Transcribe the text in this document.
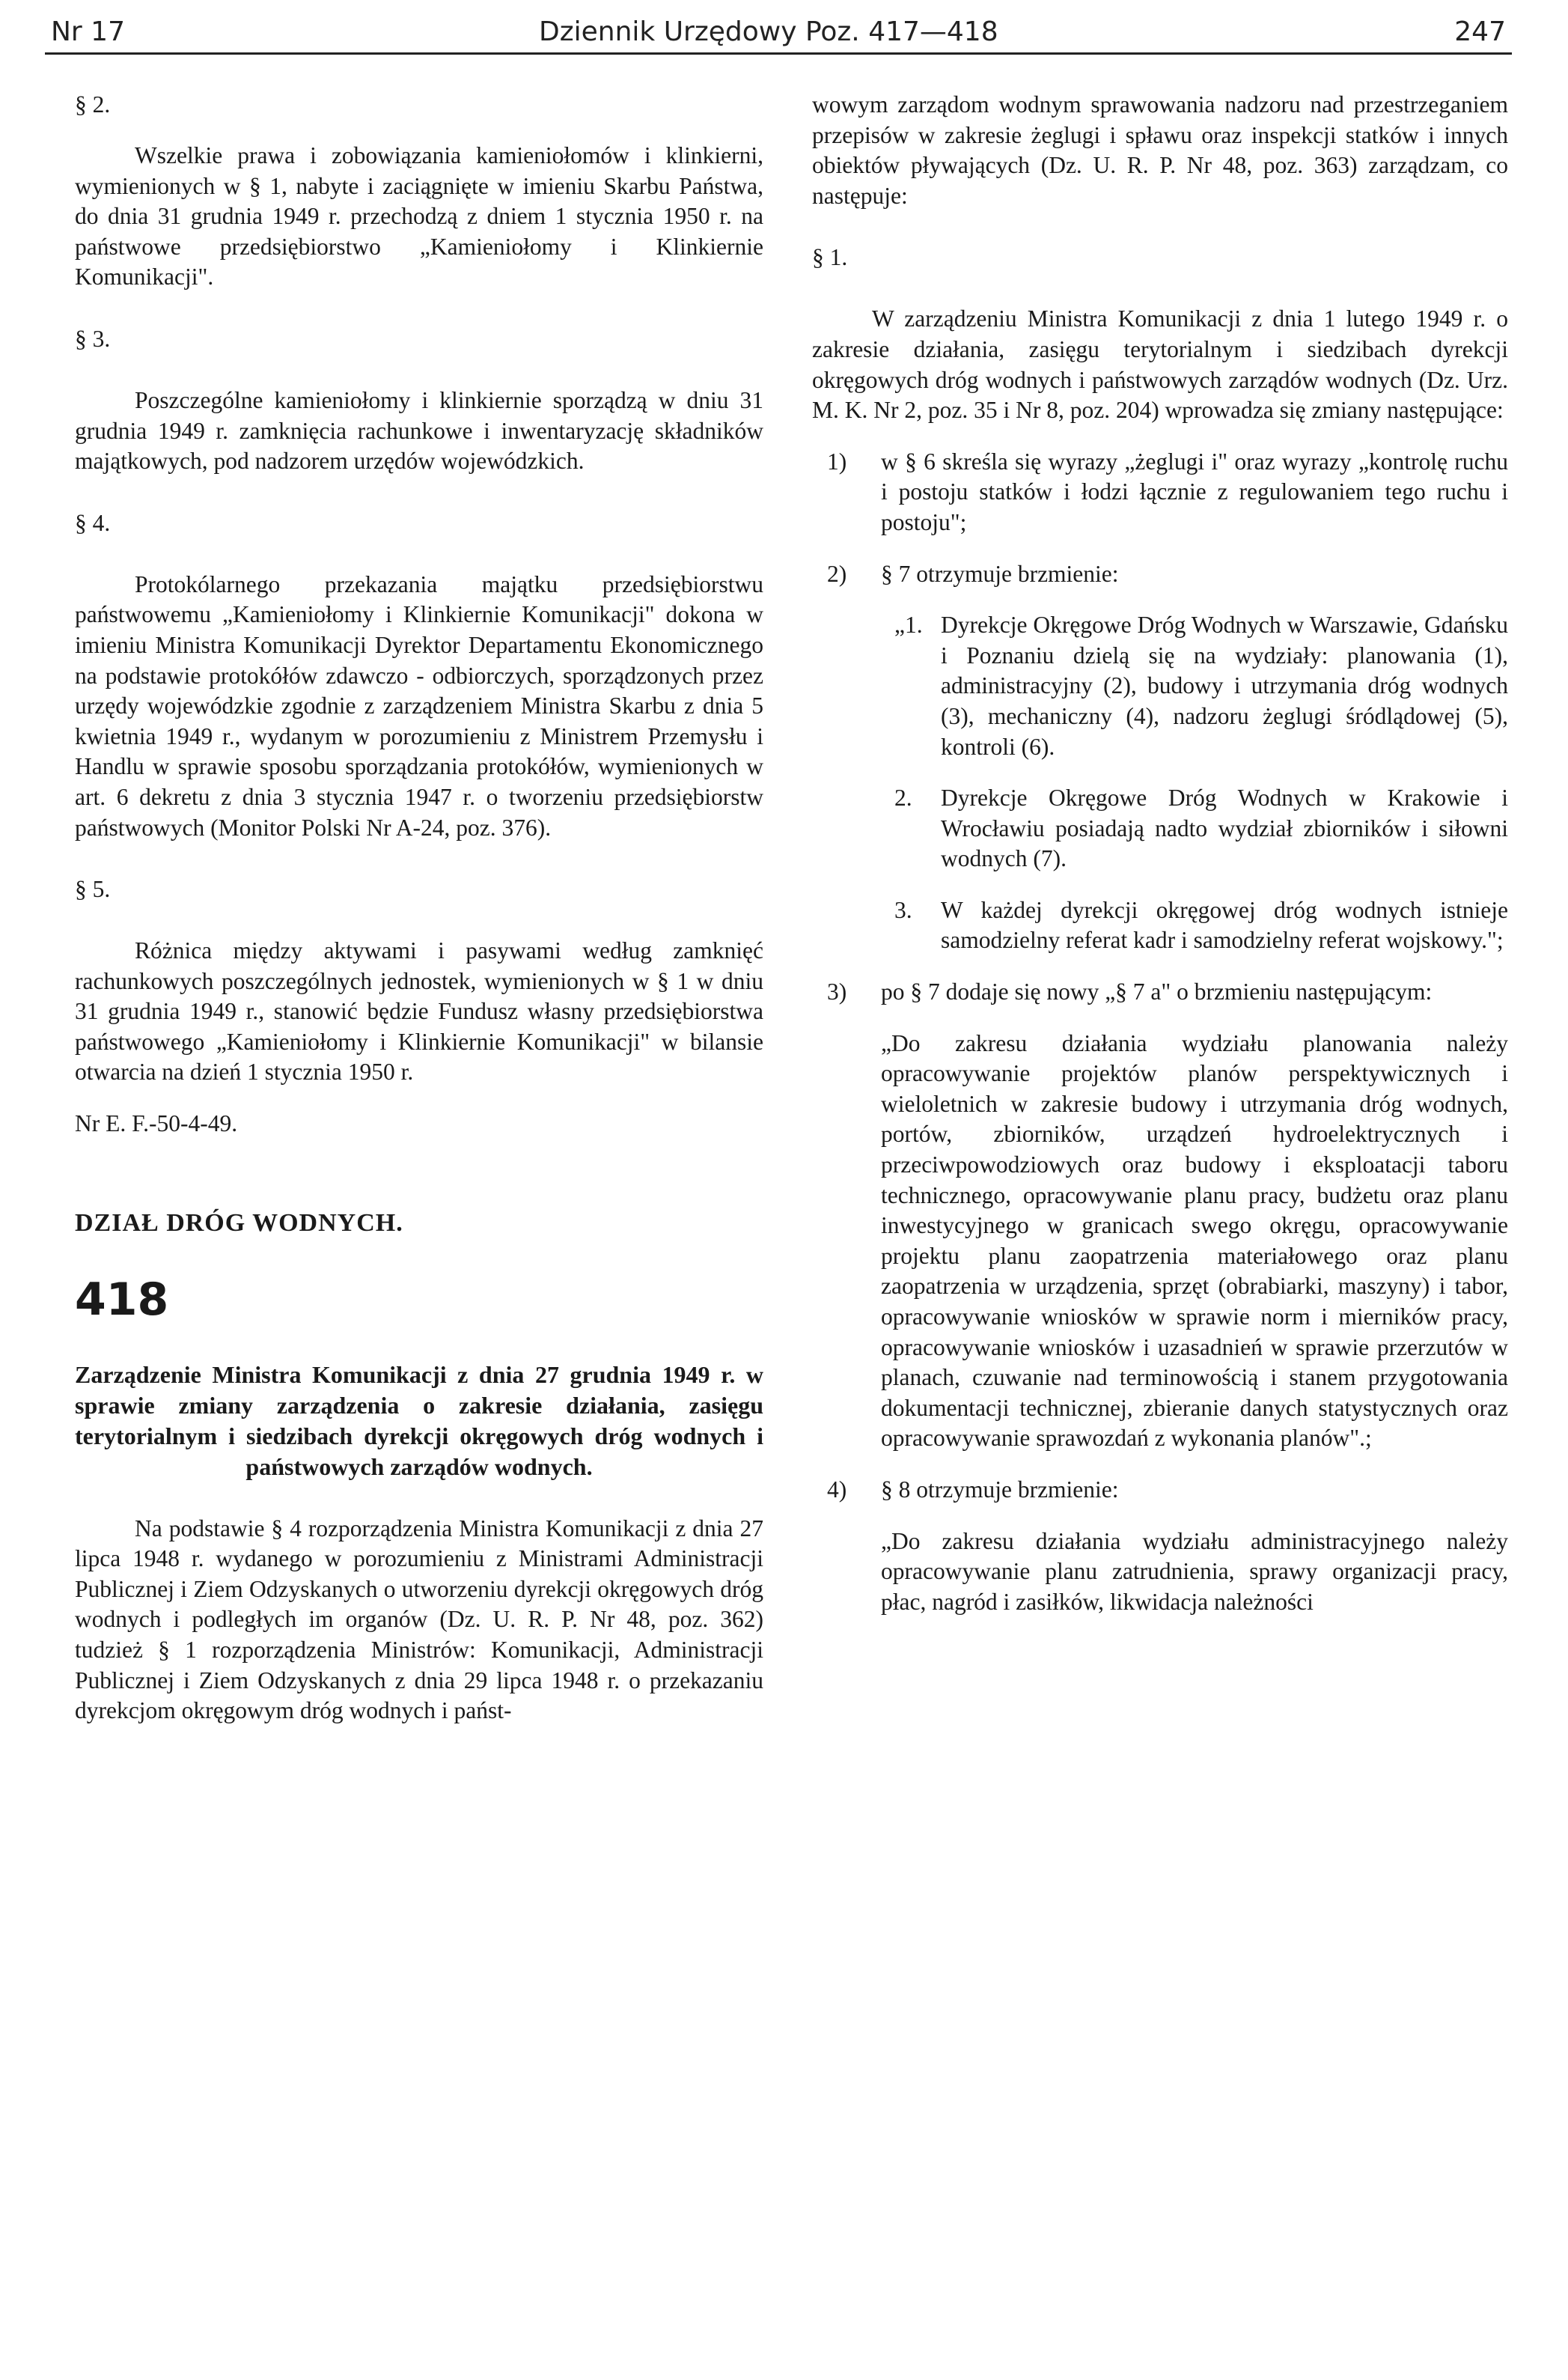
Nr 17	Dziennik Urzędowy Poz. 417—418	247

§ 2.

Wszelkie prawa i zobowiązania kamieniołomów i klinkierni, wymienionych w § 1, nabyte i zaciągnięte w imieniu Skarbu Państwa, do dnia 31 grudnia 1949 r. przechodzą z dniem 1 stycznia 1950 r. na państwowe przedsiębiorstwo „Kamieniołomy i Klinkiernie Komunikacji".

§ 3.

Poszczególne kamieniołomy i klinkiernie sporządzą w dniu 31 grudnia 1949 r. zamknięcia rachunkowe i inwentaryzację składników majątkowych, pod nadzorem urzędów wojewódzkich.

§ 4.

Protokólarnego przekazania majątku przedsiębiorstwu państwowemu „Kamieniołomy i Klinkiernie Komunikacji" dokona w imieniu Ministra Komunikacji Dyrektor Departamentu Ekonomicznego na podstawie protokółów zdawczo - odbiorczych, sporządzonych przez urzędy wojewódzkie zgodnie z zarządzeniem Ministra Skarbu z dnia 5 kwietnia 1949 r., wydanym w porozumieniu z Ministrem Przemysłu i Handlu w sprawie sposobu sporządzania protokółów, wymienionych w art. 6 dekretu z dnia 3 stycznia 1947 r. o tworzeniu przedsiębiorstw państwowych (Monitor Polski Nr A-24, poz. 376).

§ 5.

Różnica między aktywami i pasywami według zamknięć rachunkowych poszczególnych jednostek, wymienionych w § 1 w dniu 31 grudnia 1949 r., stanowić będzie Fundusz własny przedsiębiorstwa państwowego „Kamieniołomy i Klinkiernie Komunikacji" w bilansie otwarcia na dzień 1 stycznia 1950 r.

Nr E. F.-50-4-49.

DZIAŁ DRÓG WODNYCH.

418

Zarządzenie Ministra Komunikacji z dnia 27 grudnia 1949 r. w sprawie zmiany zarządzenia o zakresie działania, zasięgu terytorialnym i siedzibach dyrekcji okręgowych dróg wodnych i państwowych zarządów wodnych.

Na podstawie § 4 rozporządzenia Ministra Komunikacji z dnia 27 lipca 1948 r. wydanego w porozumieniu z Ministrami Administracji Publicznej i Ziem Odzyskanych o utworzeniu dyrekcji okręgowych dróg wodnych i podległych im organów (Dz. U. R. P. Nr 48, poz. 362) tudzież § 1 rozporządzenia Ministrów: Komunikacji, Administracji Publicznej i Ziem Odzyskanych z dnia 29 lipca 1948 r. o przekazaniu dyrekcjom okręgowym dróg wodnych i państ-

wowym zarządom wodnym sprawowania nadzoru nad przestrzeganiem przepisów w zakresie żeglugi i spławu oraz inspekcji statków i innych obiektów pływających (Dz. U. R. P. Nr 48, poz. 363) zarządzam, co następuje:

§ 1.

W zarządzeniu Ministra Komunikacji z dnia 1 lutego 1949 r. o zakresie działania, zasięgu terytorialnym i siedzibach dyrekcji okręgowych dróg wodnych i państwowych zarządów wodnych (Dz. Urz. M. K. Nr 2, poz. 35 i Nr 8, poz. 204) wprowadza się zmiany następujące:

1)	w § 6 skreśla się wyrazy „żeglugi i" oraz wyrazy „kontrolę ruchu i postoju statków i łodzi łącznie z regulowaniem tego ruchu i postoju";
2)	§ 7 otrzymuje brzmienie:
„1. Dyrekcje Okręgowe Dróg Wodnych w Warszawie, Gdańsku i Poznaniu dzielą się na wydziały: planowania (1), administracyjny (2), budowy i utrzymania dróg wodnych (3), mechaniczny (4), nadzoru żeglugi śródlądowej (5), kontroli (6).
2.	Dyrekcje Okręgowe Dróg Wodnych w Krakowie i Wrocławiu posiadają nadto wydział zbiorników i siłowni wodnych (7).
3.	W każdej dyrekcji okręgowej dróg wodnych istnieje samodzielny referat kadr i samodzielny referat wojskowy.";
3)	po § 7 dodaje się nowy „§ 7 a" o brzmieniu następującym:

„Do zakresu działania wydziału planowania należy opracowywanie projektów planów perspektywicznych i wieloletnich w zakresie budowy i utrzymania dróg wodnych, portów, zbiorników, urządzeń hydroelektrycznych i przeciwpowodziowych oraz budowy i eksploatacji taboru technicznego, opracowywanie planu pracy, budżetu oraz planu inwestycyjnego w granicach swego okręgu, opracowywanie projektu planu zaopatrzenia materiałowego oraz planu zaopatrzenia w urządzenia, sprzęt (obrabiarki, maszyny) i tabor, opracowywanie wniosków w sprawie norm i mierników pracy, opracowywanie wniosków i uzasadnień w sprawie przerzutów w planach, czuwanie nad terminowością i stanem przygotowania dokumentacji technicznej, zbieranie danych statystycznych oraz opracowywanie sprawozdań z wykonania planów".;

4)	§ 8 otrzymuje brzmienie:

„Do zakresu działania wydziału administracyjnego należy opracowywanie planu zatrudnienia, sprawy organizacji pracy, płac, nagród i zasiłków, likwidacja należności
